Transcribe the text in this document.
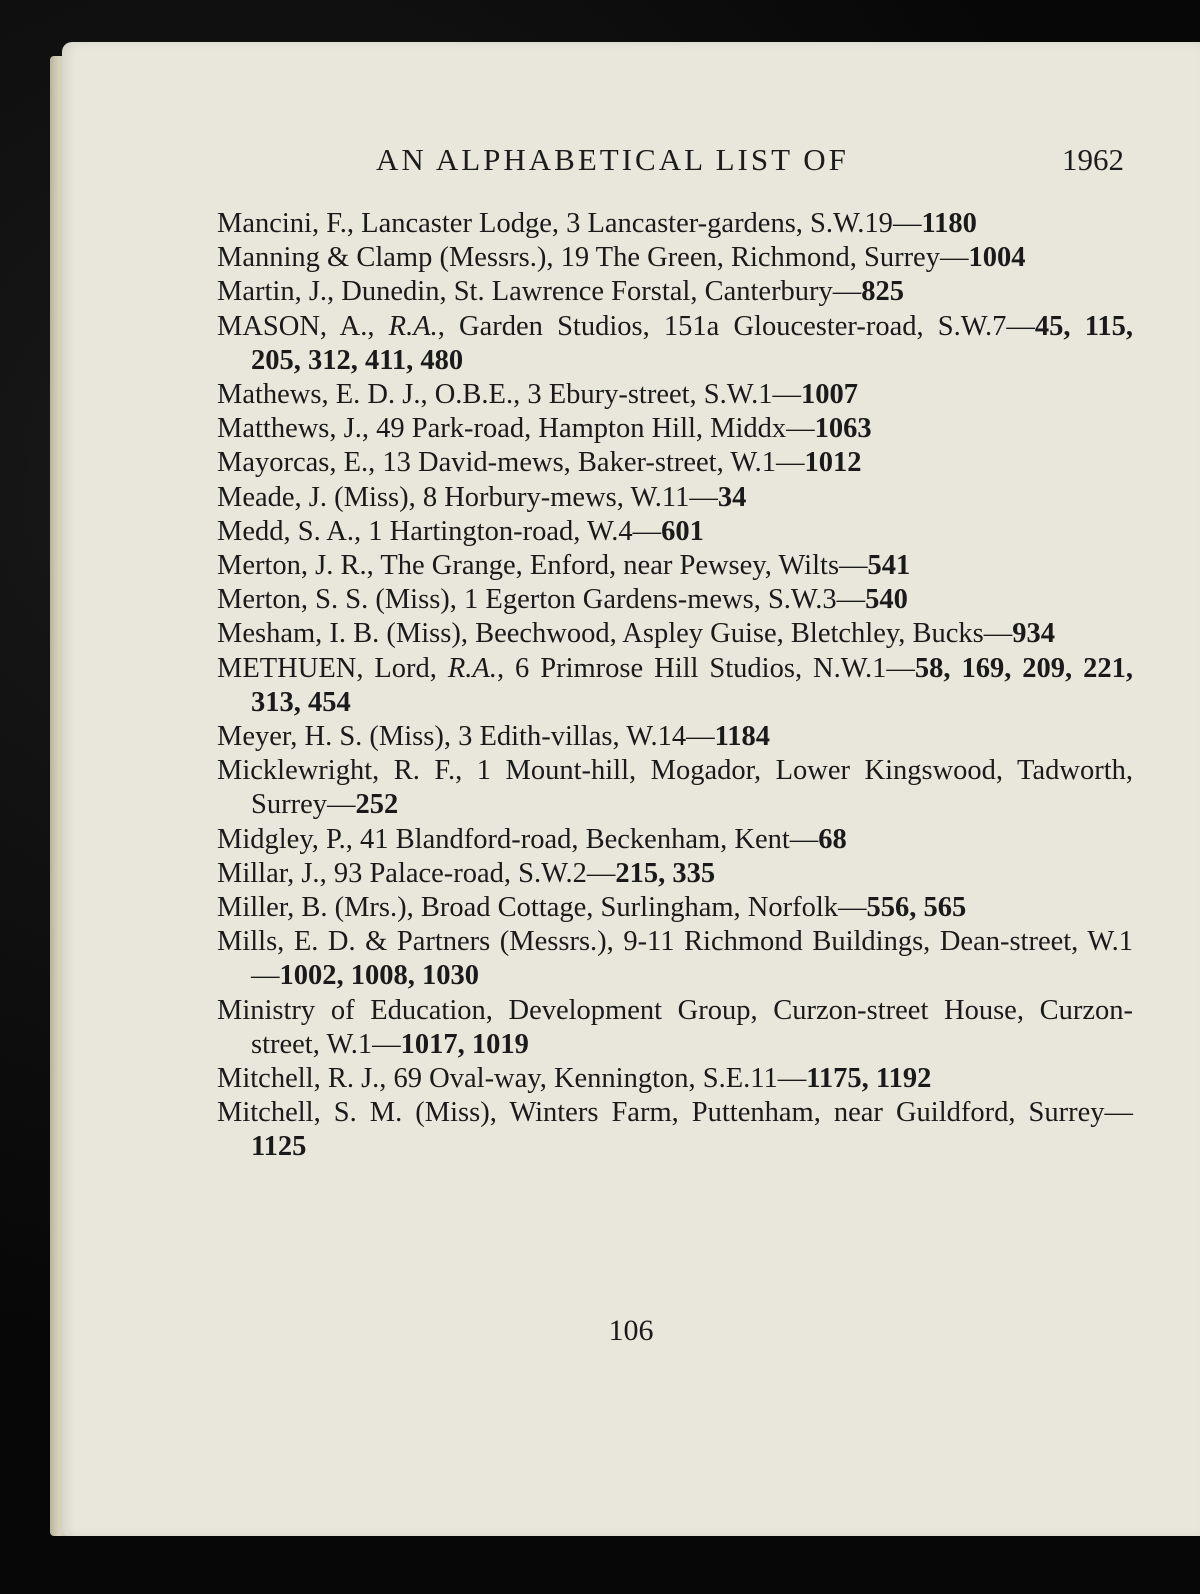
AN ALPHABETICAL LIST OF	1962
Mancini, F., Lancaster Lodge, 3 Lancaster-gardens, S.W.19—1180
Manning & Clamp (Messrs.), 19 The Green, Richmond, Surrey—1004
Martin, J., Dunedin, St. Lawrence Forstal, Canterbury—825
MASON, A., R.A., Garden Studios, 151a Gloucester-road, S.W.7—45, 115, 205, 312, 411, 480
Mathews, E. D. J., O.B.E., 3 Ebury-street, S.W.1—1007
Matthews, J., 49 Park-road, Hampton Hill, Middx—1063
Mayorcas, E., 13 David-mews, Baker-street, W.1—1012
Meade, J. (Miss), 8 Horbury-mews, W.11—34
Medd, S. A., 1 Hartington-road, W.4—601
Merton, J. R., The Grange, Enford, near Pewsey, Wilts—541
Merton, S. S. (Miss), 1 Egerton Gardens-mews, S.W.3—540
Mesham, I. B. (Miss), Beechwood, Aspley Guise, Bletchley, Bucks—934
METHUEN, Lord, R.A., 6 Primrose Hill Studios, N.W.1—58, 169, 209, 221, 313, 454
Meyer, H. S. (Miss), 3 Edith-villas, W.14—1184
Micklewright, R. F., 1 Mount-hill, Mogador, Lower Kingswood, Tadworth, Surrey—252
Midgley, P., 41 Blandford-road, Beckenham, Kent—68
Millar, J., 93 Palace-road, S.W.2—215, 335
Miller, B. (Mrs.), Broad Cottage, Surlingham, Norfolk—556, 565
Mills, E. D. & Partners (Messrs.), 9-11 Richmond Buildings, Dean-street, W.1—1002, 1008, 1030
Ministry of Education, Development Group, Curzon-street House, Curzon-street, W.1—1017, 1019
Mitchell, R. J., 69 Oval-way, Kennington, S.E.11—1175, 1192
Mitchell, S. M. (Miss), Winters Farm, Puttenham, near Guildford, Surrey—1125
106
